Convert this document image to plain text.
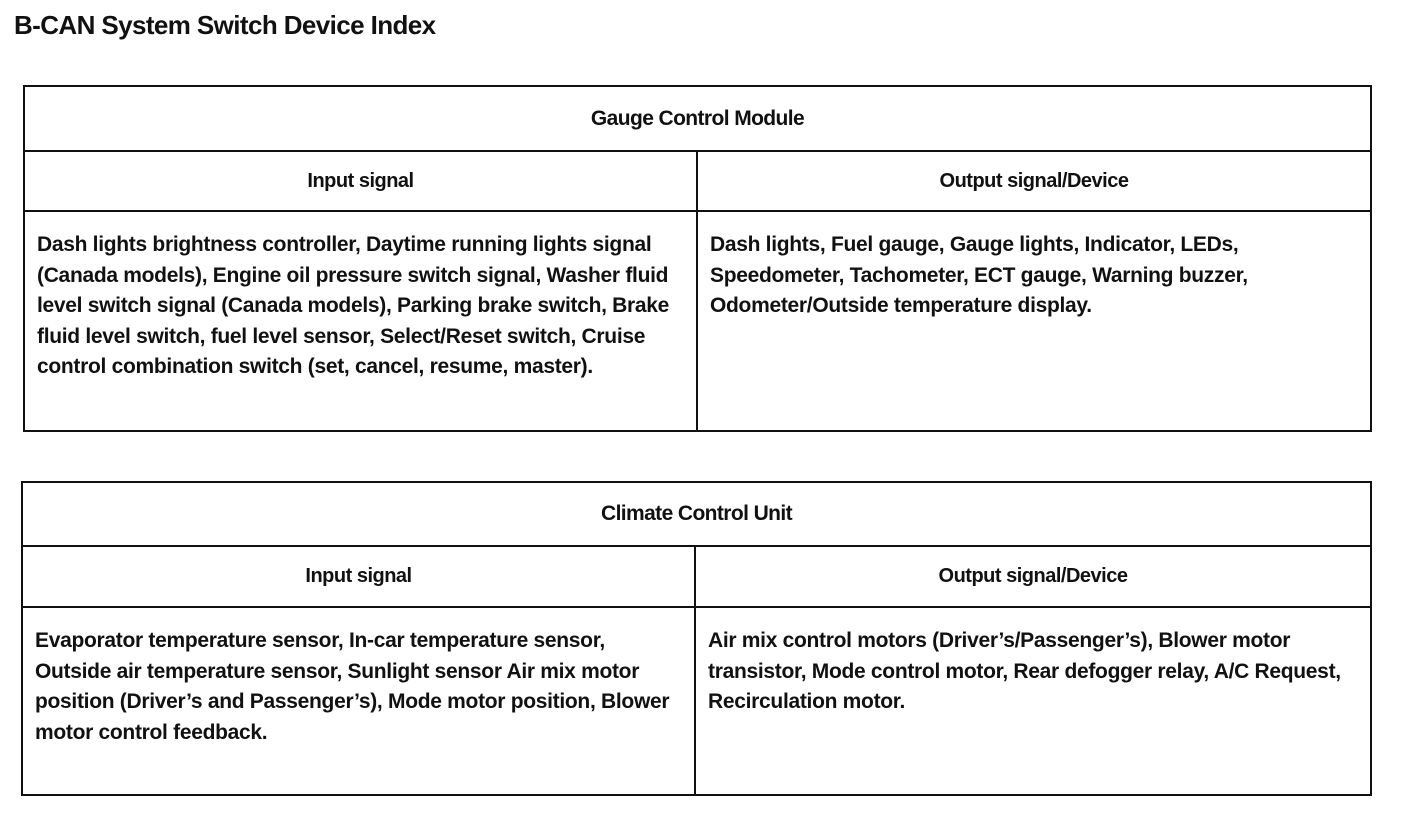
B-CAN System Switch Device Index
Gauge Control Module
Input signal	Output signal/Device
Dash lights brightness controller, Daytime running lights signal (Canada models), Engine oil pressure switch signal, Washer fluid level switch signal (Canada models), Parking brake switch, Brake fluid level switch, fuel level sensor, Select/Reset switch, Cruise control combination switch (set, cancel, resume, master).
Dash lights, Fuel gauge, Gauge lights, Indicator, LEDs, Speedometer, Tachometer, ECT gauge, Warning buzzer, Odometer/Outside temperature display.
Climate Control Unit
Input signal	Output signal/Device
Evaporator temperature sensor, In-car temperature sensor, Outside air temperature sensor, Sunlight sensor Air mix motor position (Driver’s and Passenger’s), Mode motor position, Blower motor control feedback.
Air mix control motors (Driver’s/Passenger’s), Blower motor transistor, Mode control motor, Rear defogger relay, A/C Request, Recirculation motor.
